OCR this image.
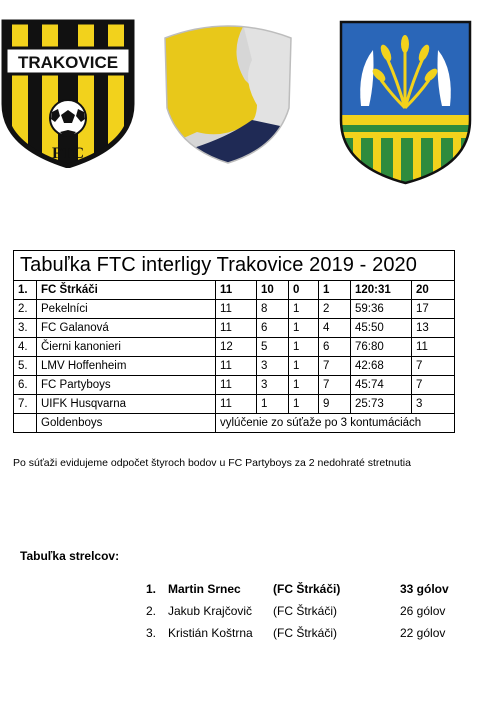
TRAKOVICE
FTC
Tabuľka FTC interligy Trakovice 2019 - 2020							
1.	FC Štrkáči	11	10	0	1	120:31	20
2.	Pekelníci	11	8	1	2	59:36	17
3.	FC Galanová	11	6	1	4	45:50	13
4.	Čierni kanonieri	12	5	1	6	76:80	11
5.	LMV Hoffenheim	11	3	1	7	42:68	7
6.	FC Partyboys	11	3	1	7	45:74	7
7.	UIFK Husqvarna	11	1	1	9	25:73	3
	Goldenboys	vylúčenie zo súťaže po 3 kontumáciách					
Po súťaži evidujeme odpočet štyroch bodov u FC Partyboys za 2 nedohraté stretnutia
Tabuľka strelcov:
1. Martin Srnec	(FC Štrkáči)	33 gólov
2. Jakub Krajčovič (FC Štrkáči)	26 gólov
3. Kristián Koštrna (FC Štrkáči)	22 gólov
